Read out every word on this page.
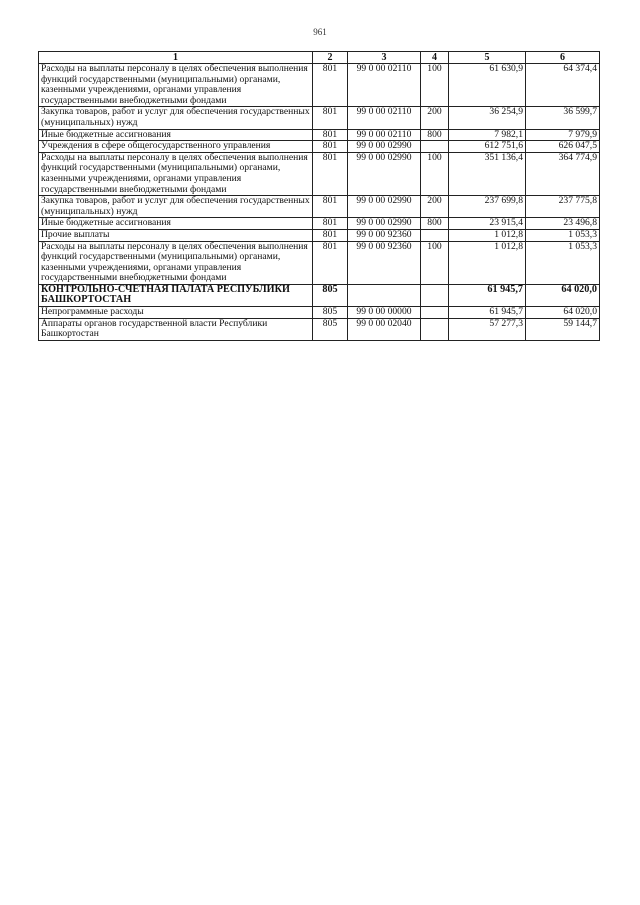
961
1	2	3	4	5	6
Расходы на выплаты персоналу в целях обеспечения выполнения функций государственными (муниципальными) органами, казенными учреждениями, органами управления государственными внебюджетными фондами	801	99 0 00 02110	100	61 630,9	64 374,4
Закупка товаров, работ и услуг для обеспечения государственных (муниципальных) нужд	801	99 0 00 02110	200	36 254,9	36 599,7
Иные бюджетные ассигнования	801	99 0 00 02110	800	7 982,1	7 979,9
Учреждения в сфере общегосударственного управления	801	99 0 00 02990		612 751,6	626 047,5
Расходы на выплаты персоналу в целях обеспечения выполнения функций государственными (муниципальными) органами, казенными учреждениями, органами управления государственными внебюджетными фондами	801	99 0 00 02990	100	351 136,4	364 774,9
Закупка товаров, работ и услуг для обеспечения государственных (муниципальных) нужд	801	99 0 00 02990	200	237 699,8	237 775,8
Иные бюджетные ассигнования	801	99 0 00 02990	800	23 915,4	23 496,8
Прочие выплаты	801	99 0 00 92360		1 012,8	1 053,3
Расходы на выплаты персоналу в целях обеспечения выполнения функций государственными (муниципальными) органами, казенными учреждениями, органами управления государственными внебюджетными фондами	801	99 0 00 92360	100	1 012,8	1 053,3
КОНТРОЛЬНО-СЧЕТНАЯ ПАЛАТА РЕСПУБЛИКИ БАШКОРТОСТАН	805			61 945,7	64 020,0
Непрограммные расходы	805	99 0 00 00000		61 945,7	64 020,0
Аппараты органов государственной власти Республики Башкортостан	805	99 0 00 02040		57 277,3	59 144,7
